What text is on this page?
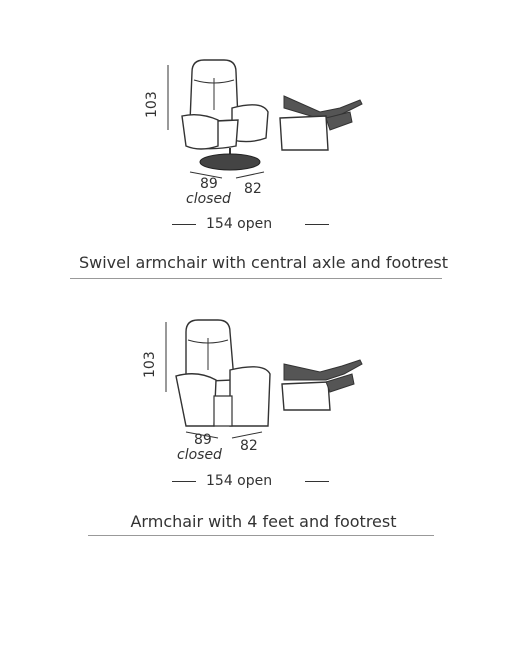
103
89
closed
82
154 open
Swivel armchair with central axle and footrest
103
89
closed
82
154 open
Armchair with 4 feet and footrest
